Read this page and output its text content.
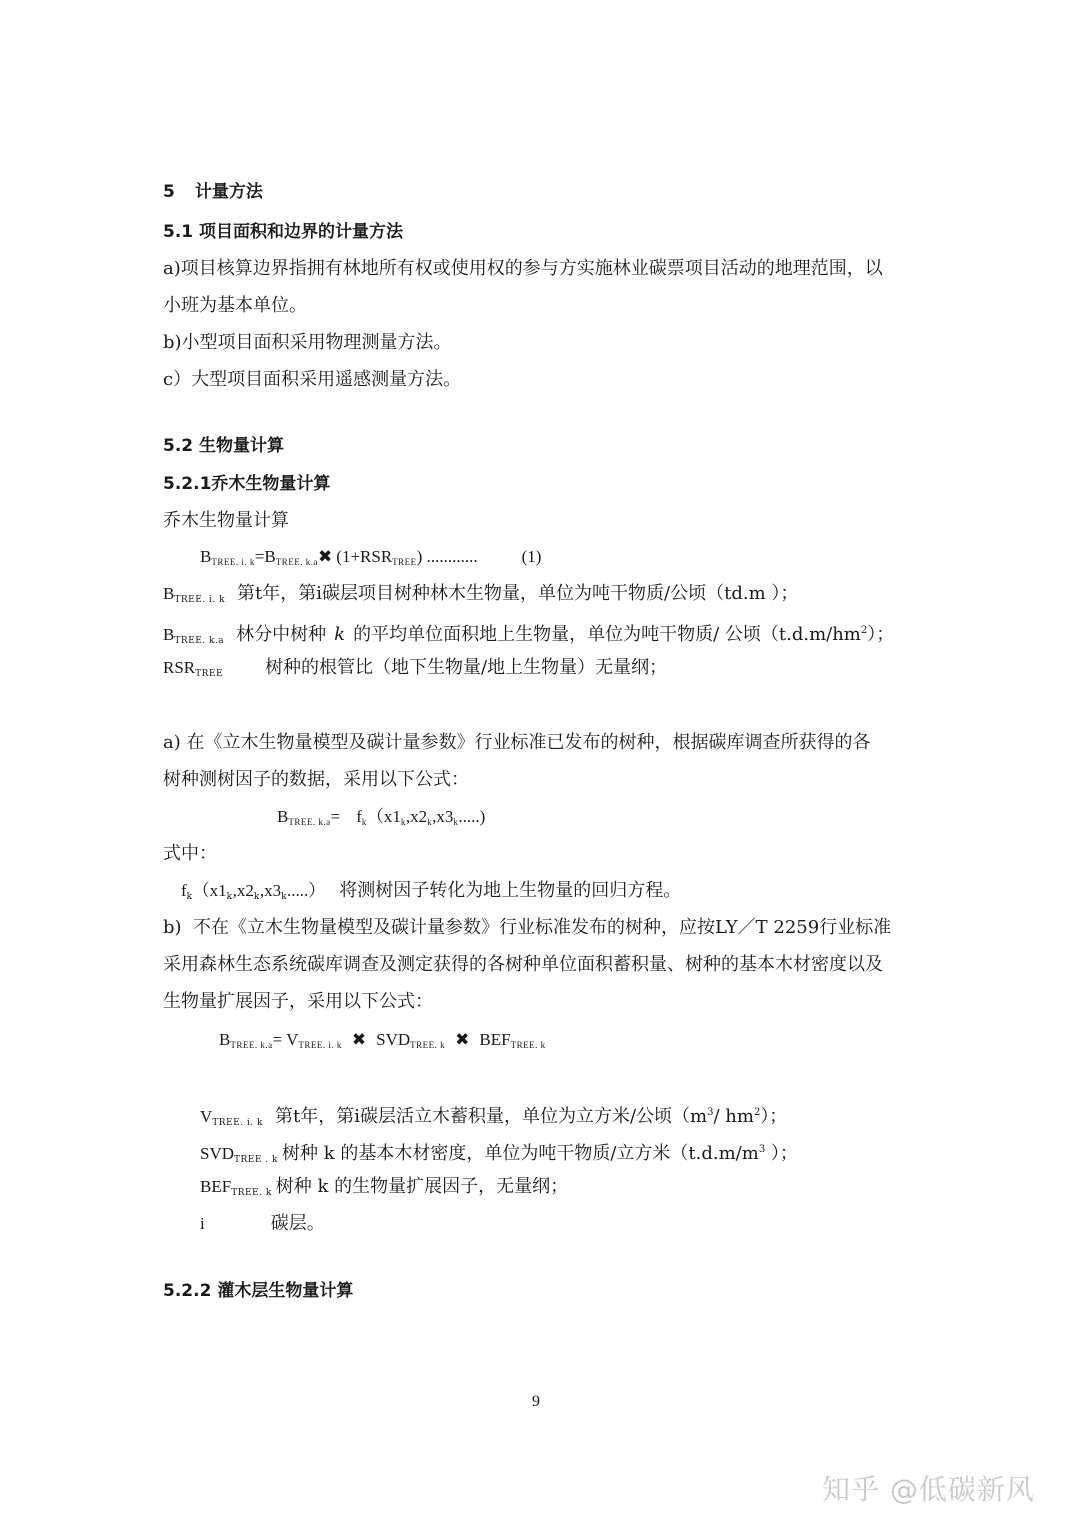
5 计量方法
5.1 项目面积和边界的计量方法
a)项目核算边界指拥有林地所有权或使用权的参与方实施林业碳票项目活动的地理范围，以
小班为基本单位。
b)小型项目面积采用物理测量方法。
c）大型项目面积采用遥感测量方法。
5.2 生物量计算
5.2.1乔木生物量计算
乔木生物量计算
BTREE. i. k=BTREE. k.a✖ (1+RSRTREE) ............	(1)
BTREE. i. k 第t年，第i碳层项目树种林木生物量，单位为吨干物质/公顷（td.m ）；
BTREE. k.a 林分中树种 k 的平均单位面积地上生物量，单位为吨干物质/ 公顷$(t.d.m/hm^2)$；
RSRTREE 树种的根管比（地下生物量/地上生物量）无量纲；
a) 在《立木生物量模型及碳计量参数》行业标准已发布的树种，根据碳库调查所获得的各
树种测树因子的数据，采用以下公式：
BTREE. k.a= fk（x1k,x2k,x3k.....)
式中：
fk（x1k,x2k,x3k.....） 将测树因子转化为地上生物量的回归方程。
b)  不在《立木生物量模型及碳计量参数》行业标准发布的树种，应按LY／T 2259行业标准
采用森林生态系统碳库调查及测定获得的各树种单位面积蓄积量、树种的基本木材密度以及
生物量扩展因子，采用以下公式：
BTREE. k.a= VTREE. i. k ✖ SVDTREE. k ✖ BEFTREE. k
VTREE. i. k 第t年，第i碳层活立木蓄积量，单位为立方米/公顷（$m^3/$ $hm^2$）；
SVDTREE . k 树种 k 的基本木材密度，单位为吨干物质/立方米（$t.d.m/m^3$ ）；
BEFTREE. k 树种 k 的生物量扩展因子，无量纲；
i	碳层。
5.2.2 灌木层生物量计算
9
知乎 @低碳新风
